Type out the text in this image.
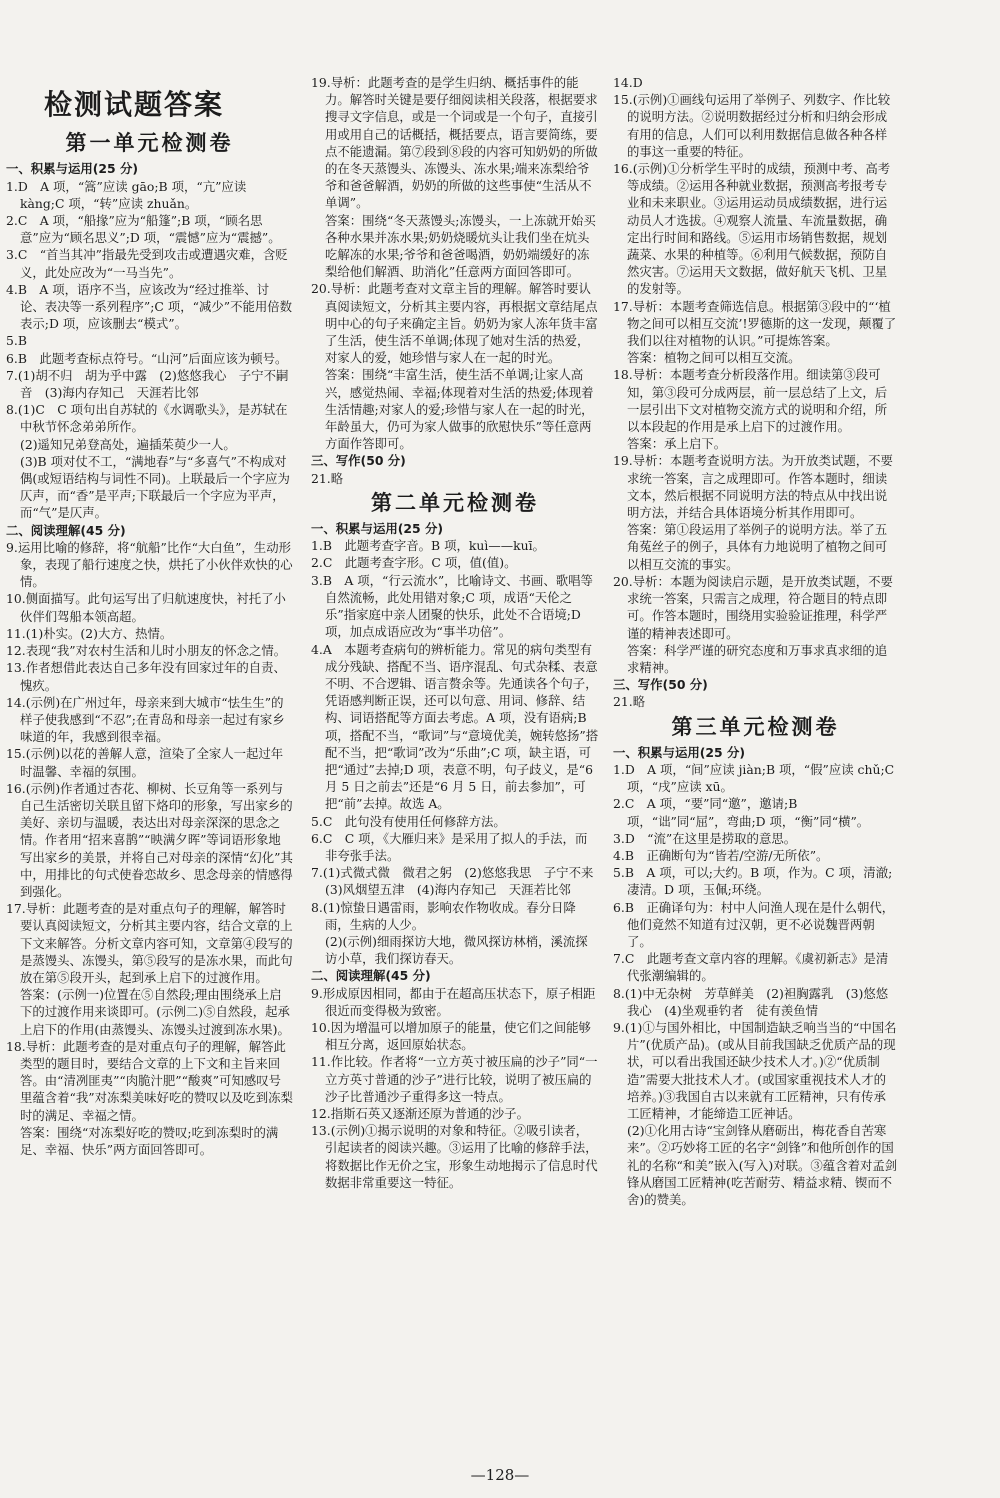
检测试题答案
第一单元检测卷
一、积累与运用(25 分)

1.D　A 项，“篙”应读 gāo;B 项，“亢”应读 kàng;C 项，“转”应读 zhuǎn。

2.C　A 项，“船掾”应为“船篷”;B 项，“顾名思意”应为“顾名思义”;D 项，“震憾”应为“震撼”。

3.C　“首当其冲”指最先受到攻击或遭遇灾难，含贬义，此处应改为“一马当先”。

4.B　A 项，语序不当，应该改为“经过推举、讨论、表决等一系列程序”;C 项，“减少”不能用倍数表示;D 项，应该删去“模式”。

5.B

6.B　此题考查标点符号。“山河”后面应该为顿号。

7.(1)胡不归　胡为乎中露　(2)悠悠我心　子宁不嗣音　(3)海内存知己　天涯若比邻

8.(1)C　C 项句出自苏轼的《水调歌头》，是苏轼在中秋节怀念弟弟所作。

(2)遥知兄弟登高处，遍插茱萸少一人。

(3)B 项对仗不工，“满地春”与“多喜气”不构成对偶(或短语结构与词性不同)。上联最后一个字应为仄声，而“香”是平声;下联最后一个字应为平声，而“气”是仄声。

二、阅读理解(45 分)

9.运用比喻的修辞，将“航船”比作“大白鱼”，生动形象，表现了船行速度之快，烘托了小伙伴欢快的心情。

10.侧面描写。此句运写出了归航速度快，衬托了小伙伴们驾船本领高超。

11.(1)朴实。(2)大方、热情。

12.表现“我”对农村生活和儿时小朋友的怀念之情。

13.作者想借此表达自己多年没有回家过年的自责、愧疚。

14.(示例)在广州过年，母亲来到大城市“怯生生”的样子使我感到“不忍”;在青岛和母亲一起过有家乡味道的年，我感到很幸福。

15.(示例)以花的善解人意，渲染了全家人一起过年时温馨、幸福的氛围。

16.(示例)作者通过杏花、柳树、长豆角等一系列与自己生活密切关联且留下烙印的形象，写出家乡的美好、亲切与温暖，表达出对母亲深深的思念之情。作者用“招来喜鹊”“映满夕晖”等词语形象地写出家乡的美景，并将自己对母亲的深情“幻化”其中，用排比的句式使眷恋故乡、思念母亲的情感得到强化。

17.导析：此题考查的是对重点句子的理解，解答时要认真阅读短文，分析其主要内容，结合文章的上下文来解答。分析文章内容可知，文章第④段写的是蒸馒头、冻馒头，第⑤段写的是冻水果，而此句放在第⑤段开头，起到承上启下的过渡作用。

答案：(示例一)位置在⑤自然段;理由围绕承上启下的过渡作用来谈即可。(示例二)⑤自然段，起承上启下的作用(由蒸馒头、冻馒头过渡到冻水果)。

18.导析：此题考查的是对重点句子的理解，解答此类型的题目时，要结合文章的上下文和主旨来回答。由“清冽匪夷”“肉脆汁肥”“酸爽”可知感叹号里蕴含着“我”对冻梨美味好吃的赞叹以及吃到冻梨时的满足、幸福之情。

答案：围绕“对冻梨好吃的赞叹;吃到冻梨时的满足、幸福、快乐”两方面回答即可。

19.导析：此题考查的是学生归纳、概括事件的能力。解答时关键是要仔细阅读相关段落，根据要求搜寻文字信息，或是一个词或是一个句子，直接引用或用自己的话概括，概括要点，语言要简练，要点不能遗漏。第⑦段到⑧段的内容可知奶奶的所做的在冬天蒸馒头、冻馒头、冻水果;端来冻梨给爷爷和爸爸解酒，奶奶的所做的这些事使“生活从不单调”。

答案：围绕“冬天蒸馒头;冻馒头，一上冻就开始买各种水果并冻水果;奶奶烧暖炕头让我们坐在炕头吃解冻的水果;爷爷和爸爸喝酒，奶奶端缓好的冻梨给他们解酒、助消化”任意两方面回答即可。

20.导析：此题考查对文章主旨的理解。解答时要认真阅读短文，分析其主要内容，再根据文章结尾点明中心的句子来确定主旨。奶奶为家人冻年货丰富了生活，使生活不单调;体现了她对生活的热爱，对家人的爱，她珍惜与家人在一起的时光。

答案：围绕“丰富生活，使生活不单调;让家人高兴，感觉热闹、幸福;体现着对生活的热爱;体现着生活情趣;对家人的爱;珍惜与家人在一起的时光，年龄虽大，仍可为家人做事的欣慰快乐”等任意两方面作答即可。

三、写作(50 分)

21.略

第二单元检测卷
一、积累与运用(25 分)

1.B　此题考查字音。B 项，kuì——kuī。

2.C　此题考查字形。C 项，值(值)。

3.B　A 项，“行云流水”，比喻诗文、书画、歌唱等自然流畅，此处用错对象;C 项，成语“天伦之乐”指家庭中亲人团聚的快乐，此处不合语境;D 项，加点成语应改为“事半功倍”。

4.A　本题考查病句的辨析能力。常见的病句类型有成分残缺、搭配不当、语序混乱、句式杂糅、表意不明、不合逻辑、语言赘余等。先通读各个句子，凭语感判断正误，还可以句意、用词、修辞、结构、词语搭配等方面去考虑。A 项，没有语病;B 项，搭配不当，“歌词”与“意境优美，婉转悠扬”搭配不当，把“歌词”改为“乐曲”;C 项，缺主语，可把“通过”去掉;D 项，表意不明，句子歧义，是“6 月 5 日之前去”还是“6 月 5 日，前去参加”，可把“前”去掉。故选 A。

5.C　此句没有使用任何修辞方法。

6.C　C 项，《大雁归来》是采用了拟人的手法，而非夸张手法。

7.(1)式微式微　微君之躬　(2)悠悠我思　子宁不来　(3)风烟望五津　(4)海内存知己　天涯若比邻

8.(1)惊蛰日遇雷雨，影响农作物收成。春分日降雨，生病的人少。

(2)(示例)细雨探访大地，微风探访林梢，溪流探访小草，我们探访春天。

二、阅读理解(45 分)

9.形成原因相同，都由于在超高压状态下，原子相距很近而变得极为致密。

10.因为增温可以增加原子的能量，使它们之间能够相互分离，返回原始状态。

11.作比较。作者将“一立方英寸被压扁的沙子”同“一立方英寸普通的沙子”进行比较，说明了被压扁的沙子比普通沙子重得多这一特点。

12.指斯石英又逐渐还原为普通的沙子。

13.(示例)①揭示说明的对象和特征。②吸引读者，引起读者的阅读兴趣。③运用了比喻的修辞手法，将数据比作无价之宝，形象生动地揭示了信息时代数据非常重要这一特征。

14.D

15.(示例)①画线句运用了举例子、列数字、作比较的说明方法。②说明数据经过分析和归纳会形成有用的信息，人们可以利用数据信息做各种各样的事这一重要的特征。

16.(示例)①分析学生平时的成绩，预测中考、高考等成绩。②运用各种就业数据，预测高考报考专业和未来职业。③运用运动员成绩数据，进行运动员人才选拔。④观察人流量、车流量数据，确定出行时间和路线。⑤运用市场销售数据，规划蔬菜、水果的种植等。⑥利用气候数据，预防自然灾害。⑦运用天文数据，做好航天飞机、卫星的发射等。

17.导析：本题考查筛选信息。根据第③段中的“‘植物之间可以相互交流’!罗德斯的这一发现，颠覆了我们以往对植物的认识。”可提炼答案。

答案：植物之间可以相互交流。

18.导析：本题考查分析段落作用。细读第③段可知，第③段可分成两层，前一层总结了上文，后一层引出下文对植物交流方式的说明和介绍，所以本段起的作用是承上启下的过渡作用。

答案：承上启下。

19.导析：本题考查说明方法。为开放类试题，不要求统一答案，言之成理即可。作答本题时，细读文本，然后根据不同说明方法的特点从中找出说明方法，并结合具体语境分析其作用即可。

答案：第①段运用了举例子的说明方法。举了五角菟丝子的例子，具体有力地说明了植物之间可以相互交流的事实。

20.导析：本题为阅读启示题，是开放类试题，不要求统一答案，只需言之成理，符合题目的特点即可。作答本题时，围绕用实验验证推理，科学严谨的精神表述即可。

答案：科学严谨的研究态度和万事求真求细的追求精神。

三、写作(50 分)

21.略

第三单元检测卷
一、积累与运用(25 分)

1.D　A 项，“间”应读 jiàn;B 项，“假”应读 chǔ;C 项，“戌”应读 xū。

2.C　A 项，“要”同“邀”，邀请;B 项，“诎”同“屈”，弯曲;D 项，“衡”同“横”。

3.D　“流”在这里是捞取的意思。

4.B　正确断句为“皆若/空游/无所依”。

5.B　A 项，可以;大约。B 项，作为。C 项，清澈;凄清。D 项，玉佩;环绕。

6.B　正确译句为：村中人问渔人现在是什么朝代，他们竟然不知道有过汉朝，更不必说魏晋两朝了。

7.C　此题考查文章内容的理解。《虞初新志》是清代张潮编辑的。

8.(1)中无杂树　芳草鲜美　(2)袒胸露乳　(3)悠悠我心　(4)坐观垂钓者　徒有羡鱼情

9.(1)①与国外相比，中国制造缺乏响当当的“中国名片”(优质产品)。(或从目前我国缺乏优质产品的现状，可以看出我国还缺少技术人才。)②“优质制造”需要大批技术人才。(或国家重视技术人才的培养。)③我国自古以来就有工匠精神，只有传承工匠精神，才能缔造工匠神话。

(2)①化用古诗“宝剑锋从磨砺出，梅花香自苦寒来”。②巧妙将工匠的名字“剑锋”和他所创作的国礼的名称“和美”嵌入(写入)对联。③蕴含着对孟剑锋从磨国工匠精神(吃苦耐劳、精益求精、锲而不舍)的赞美。

—128—
